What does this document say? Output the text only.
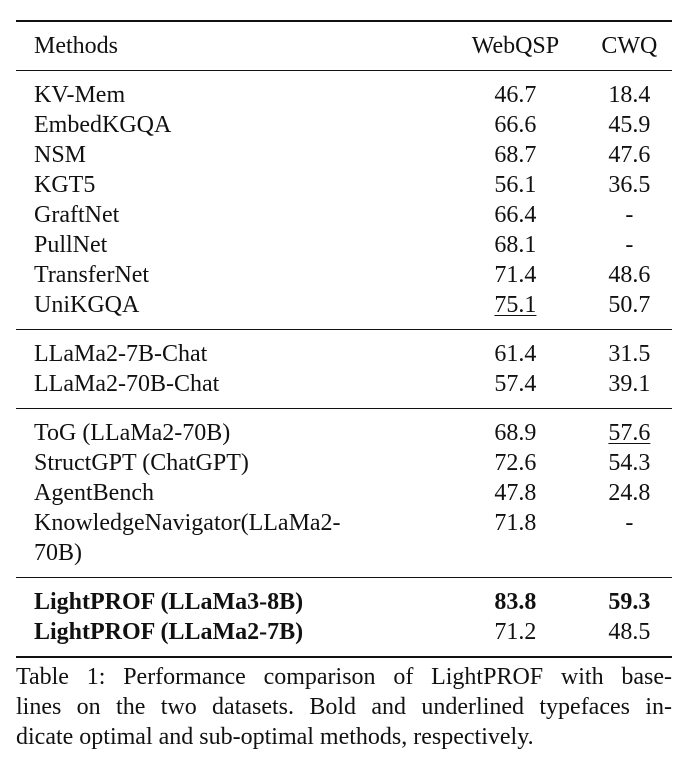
Methods	WebQSP	CWQ
KV-Mem	46.7	18.4
EmbedKGQA	66.6	45.9
NSM	68.7	47.6
KGT5	56.1	36.5
GraftNet	66.4	-
PullNet	68.1	-
TransferNet	71.4	48.6
UniKGQA	75.1	50.7
LLaMa2-7B-Chat	61.4	31.5
LLaMa2-70B-Chat	57.4	39.1
ToG (LLaMa2-70B)	68.9	57.6
StructGPT (ChatGPT)	72.6	54.3
AgentBench	47.8	24.8
KnowledgeNavigator(LLaMa2-
70B)	71.8	-
LightPROF (LLaMa3-8B)	83.8	59.3
LightPROF (LLaMa2-7B)	71.2	48.5
Table 1: Performance comparison of LightPROF with base-
lines on the two datasets. Bold and underlined typefaces in-
dicate optimal and sub-optimal methods, respectively.
